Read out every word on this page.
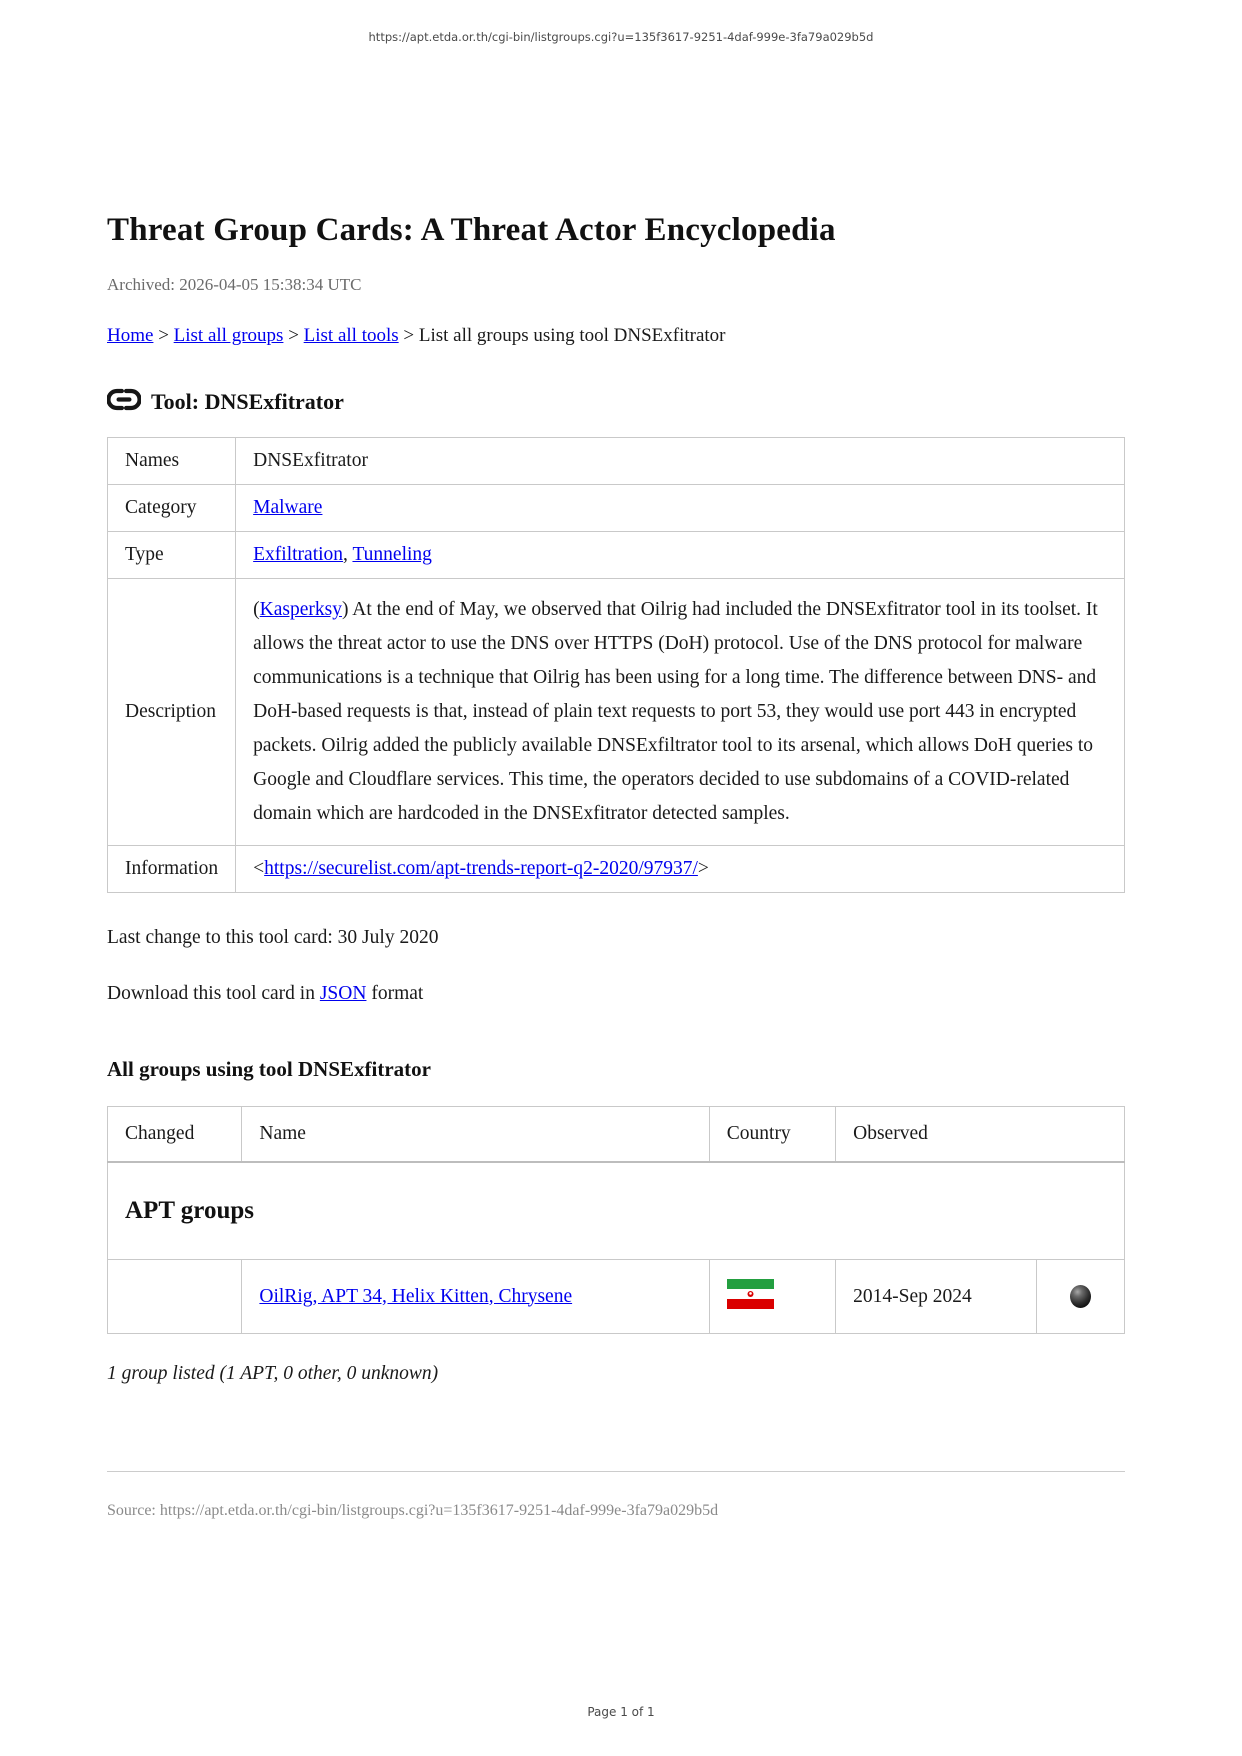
https://apt.etda.or.th/cgi-bin/listgroups.cgi?u=135f3617-9251-4daf-999e-3fa79a029b5d
Threat Group Cards: A Threat Actor Encyclopedia

Archived: 2026-04-05 15:38:34 UTC

Home > List all groups > List all tools > List all groups using tool DNSExfitrator

Tool: DNSExfitrator
Names	DNSExfitrator
Category	Malware
Type	Exfiltration, Tunneling
Description	(Kasperksy) At the end of May, we observed that Oilrig had included the DNSExfitrator tool in its toolset. It allows the threat actor to use the DNS over HTTPS (DoH) protocol. Use of the DNS protocol for malware communications is a technique that Oilrig has been using for a long time. The difference between DNS- and DoH-based requests is that, instead of plain text requests to port 53, they would use port 443 in encrypted packets. Oilrig added the publicly available DNSExfiltrator tool to its arsenal, which allows DoH queries to Google and Cloudflare services. This time, the operators decided to use subdomains of a COVID-related domain which are hardcoded in the DNSExfitrator detected samples.
Information	<https://securelist.com/apt-trends-report-q2-2020/97937/>

Last change to this tool card: 30 July 2020

Download this tool card in JSON format

All groups using tool DNSExfitrator
Changed	Name	Country	Observed	
APT groups				
	OilRig, APT 34, Helix Kitten, Chrysene		2014-Sep 2024	

1 group listed (1 APT, 0 other, 0 unknown)

Source: https://apt.etda.or.th/cgi-bin/listgroups.cgi?u=135f3617-9251-4daf-999e-3fa79a029b5d

Page 1 of 1
